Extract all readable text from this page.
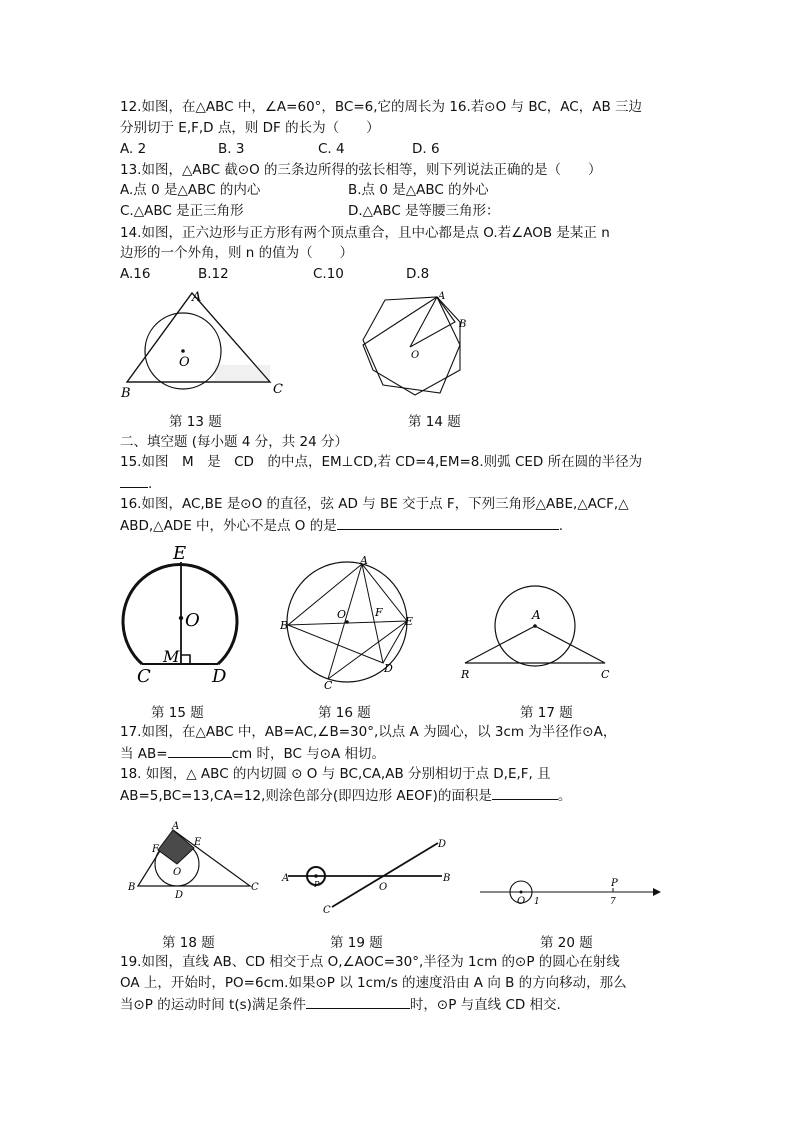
12.如图，在△ABC 中，∠A=60°，BC=6,它的周长为 16.若⊙O 与 BC，AC，AB 三边
分别切于 E,F,D 点，则 DF 的长为（　　）
A. 2	B. 3	C. 4	D. 6
13.如图，△ABC 截⊙O 的三条边所得的弦长相等，则下列说法正确的是（　　）
A.点 0 是△ABC 的内心	B.点 0 是△ABC 的外心
C.△ABC 是正三角形	D.△ABC 是等腰三角形：
14.如图，正六边形与正方形有两个顶点重合，且中心都是点 O.若∠AOB 是某正 n
边形的一个外角，则 n 的值为（　　）
A.16	B.12	C.10	D.8
A
B	C
O
第 13 题
A
B
O
第 14 题
二、填空题 (每小题 4 分，共 24 分）
15.如图　M　是　CD　的中点，EM⊥CD,若 CD=4,EM=8.则弧 CED 所在圆的半径为
.
16.如图，AC,BE 是⊙O 的直径，弦 AD 与 BE 交于点 F，下列三角形△ABE,△ACF,△
ABD,△ADE 中，外心不是点 O 的是	.
E
O
C
M
D
第 15 题
A
B
C
D
E
F
O
第 16 题
A
R	C
第 17 题
17.如图，在△ABC 中，AB=AC,∠B=30°,以点 A 为圆心，以 3cm 为半径作⊙A，
当 AB=	cm 时，BC 与⊙A 相切。
18. 如图，△ ABC 的内切圆 ⊙ O 与 BC,CA,AB 分别相切于点 D,E,F, 且
AB=5,BC=13,CA=12,则涂色部分(即四边形 AEOF)的面积是	。
A
B	C
D
E
F
O
第 18 题
A	B
C
D
O
P
第 19 题
O 1
P
7
第 20 题
19.如图，直线 AB、CD 相交于点 O,∠AOC=30°,半径为 1cm 的⊙P 的圆心在射线
OA 上，开始时，PO=6cm.如果⊙P 以 1cm/s 的速度沿由 A 向 B 的方向移动，那么
当⊙P 的运动时间 t(s)满足条件	时，⊙P 与直线 CD 相交.
